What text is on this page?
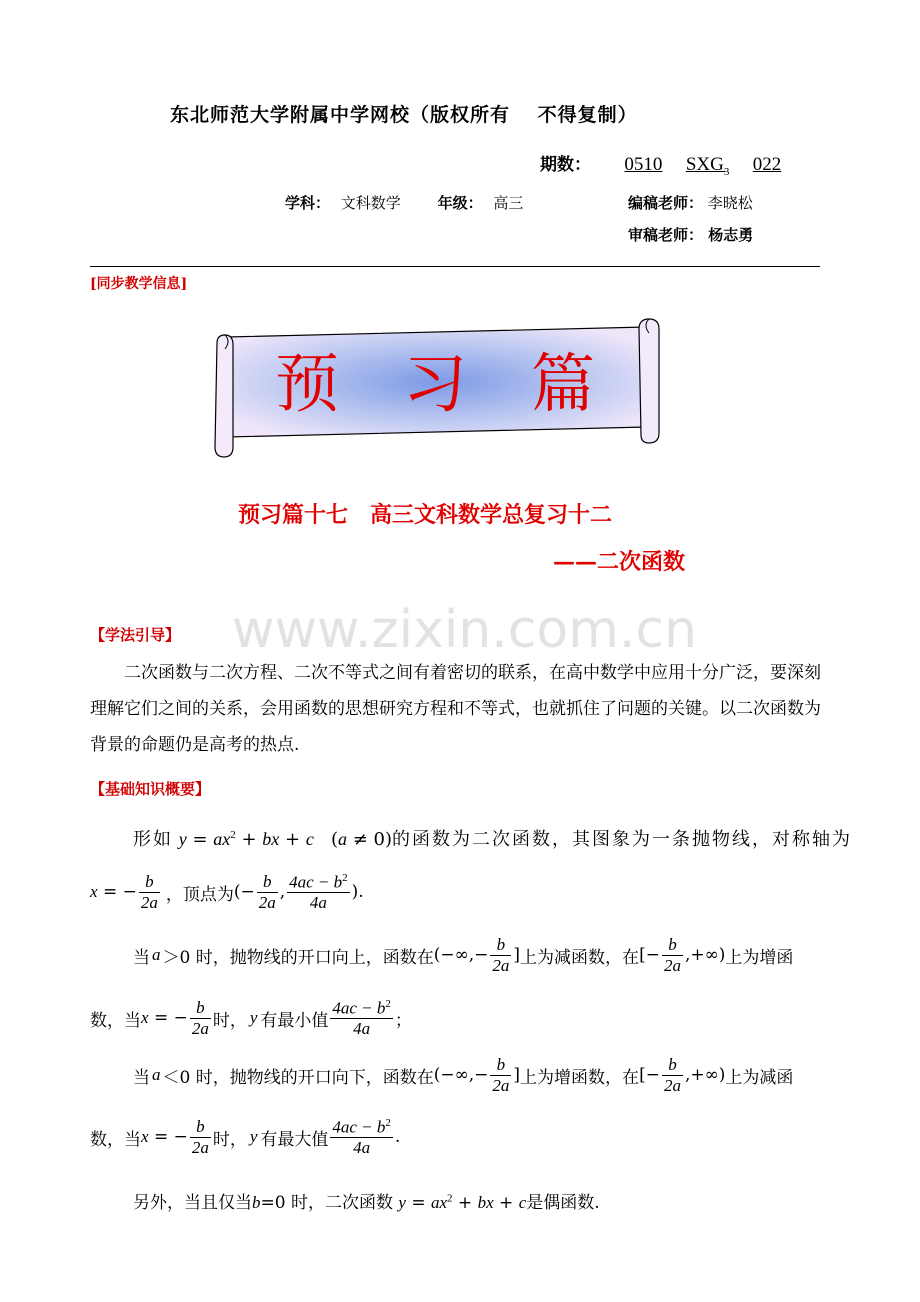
东北师范大学附属中学网校（版权所有　 不得复制）
期数： 0510 $SXG_3$ 022
学科： 文科数学 年级： 高三	编稿老师： 李晓松
审稿老师： 杨志勇
[同步教学信息]
预　习　篇
预习篇十七　高三文科数学总复习十二
——二次函数
www.zixin.com.cn
【学法引导】
二次函数与二次方程、二次不等式之间有着密切的联系，在高中数学中应用十分广泛，要深刻理解它们之间的关系，会用函数的思想研究方程和不等式，也就抓住了问题的关键。以二次函数为背景的命题仍是高考的热点.
【基础知识概要】
形如 $y = ax^2$ + bx + c   (a ≠ 0)的函数为二次函数，其图象为一条抛物线，对称轴为
x = − $\frac{b}{2a}$ ，顶点为 (− $\frac{b}{2a}$ , $\frac{4ac - b^2}{4a}$ ).
当 a ＞0 时，抛物线的开口向上，函数在 (−∞,− $\frac{b}{2a}$ ] 上为减函数，在 [− $\frac{b}{2a}$ ,+∞) 上为增函
数，当 x = − $\frac{b}{2a}$ 时， y 有最小值 $\frac{4ac - b^2}{4a}$ ；
当 a ＜0 时，抛物线的开口向下，函数在 (−∞,− $\frac{b}{2a}$ ] 上为增函数，在 [− $\frac{b}{2a}$ ,+∞) 上为减函
数，当 x = − $\frac{b}{2a}$ 时， y 有最大值 $\frac{4ac - b^2}{4a}$ .
另外，当且仅当b=0 时，二次函数 $y = ax^2$ + bx + c是偶函数.
